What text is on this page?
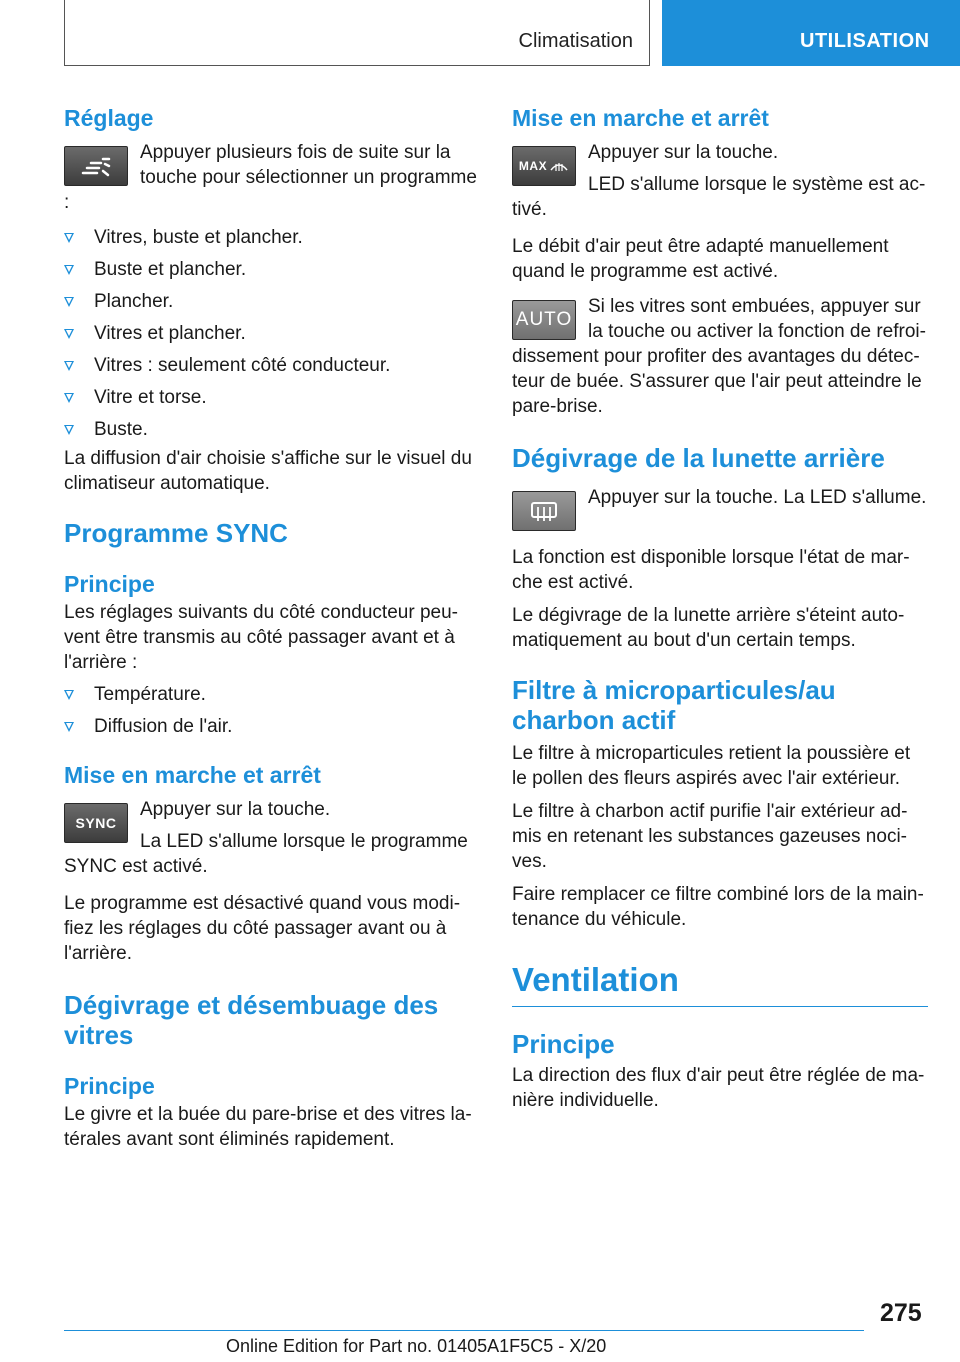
Climatisation	UTILISATION
Réglage

Appuyer plusieurs fois de suite sur la touche pour sélectionner un programme :

Vitres, buste et plancher.
Buste et plancher.
Plancher.
Vitres et plancher.
Vitres : seulement côté conducteur.
Vitre et torse.
Buste.

La diffusion d'air choisie s'affiche sur le visuel du climatiseur automatique.

Programme SYNC
Principe

Les réglages suivants du côté conducteur peuvent être transmis au côté passager avant et à l'arrière :

Température.
Diffusion de l'air.
Mise en marche et arrêt
SYNC

Appuyer sur la touche.

La LED s'allume lorsque le programme SYNC est activé.

Le programme est désactivé quand vous modifiez les réglages du côté passager avant ou à l'arrière.

Dégivrage et désembuage des vitres
Principe

Le givre et la buée du pare-brise et des vitres latérales avant sont éliminés rapidement.

Mise en marche et arrêt
MAX

Appuyer sur la touche.

LED s'allume lorsque le système est activé.

Le débit d'air peut être adapté manuellement quand le programme est activé.

AUTO

Si les vitres sont embuées, appuyer sur la touche ou activer la fonction de refroidissement pour profiter des avantages du détecteur de buée. S'assurer que l'air peut atteindre le pare-brise.

Dégivrage de la lunette arrière

Appuyer sur la touche. La LED s'allume.

La fonction est disponible lorsque l'état de marche est activé.

Le dégivrage de la lunette arrière s'éteint automatiquement au bout d'un certain temps.

Filtre à microparticules/au charbon actif

Le filtre à microparticules retient la poussière et le pollen des fleurs aspirés avec l'air extérieur.

Le filtre à charbon actif purifie l'air extérieur admis en retenant les substances gazeuses nocives.

Faire remplacer ce filtre combiné lors de la maintenance du véhicule.

Ventilation
Principe

La direction des flux d'air peut être réglée de manière individuelle.

275
Online Edition for Part no. 01405A1F5C5 - X/20
